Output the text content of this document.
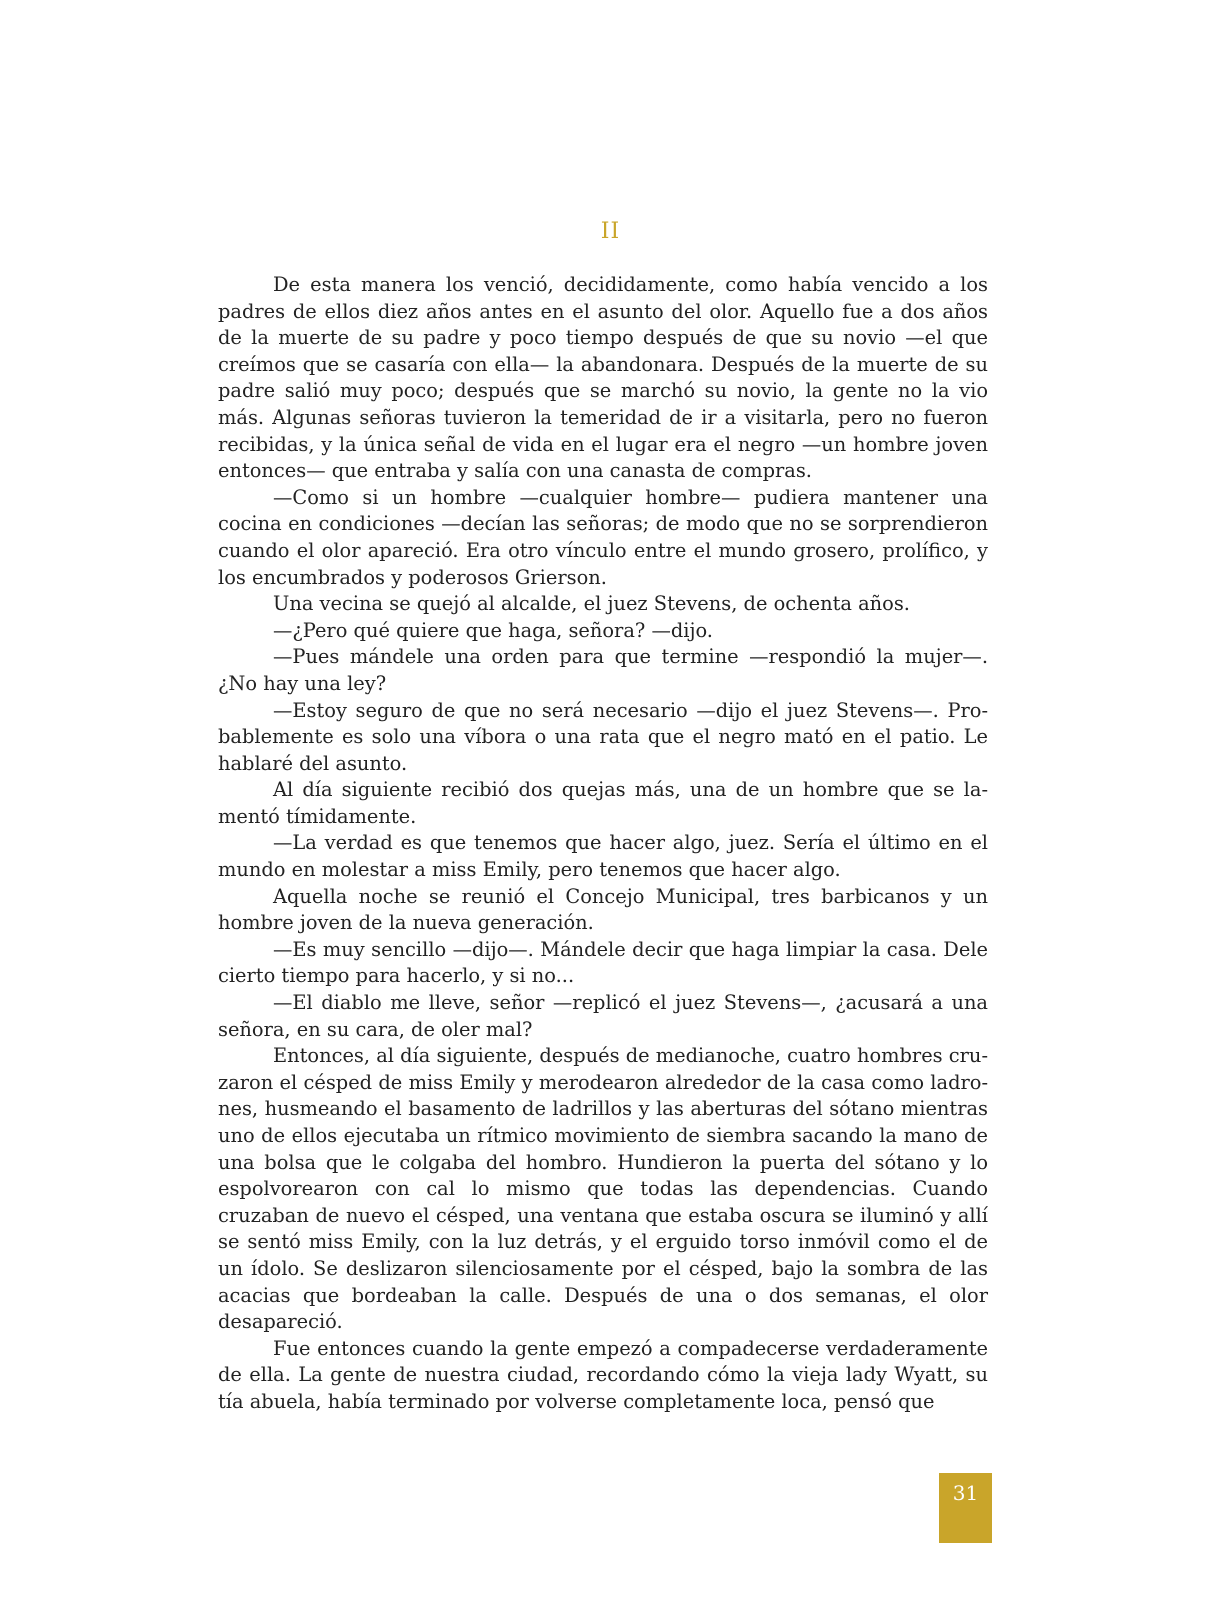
II

De esta manera los venció, decididamente, como había vencido a los padres de ellos diez años antes en el asunto del olor. Aquello fue a dos años de la muerte de su padre y poco tiempo después de que su novio —el que creímos que se casaría con ella— la abandonara. Después de la muerte de su padre salió muy poco; después que se marchó su novio, la gente no la vio más. Algunas señoras tuvieron la temeridad de ir a visitarla, pero no fueron recibidas, y la única señal de vida en el lugar era el negro —un hombre joven entonces— que entraba y salía con una canasta de compras.

—Como si un hombre —cualquier hombre— pudiera mantener una cocina en condiciones —decían las señoras; de modo que no se sorprendieron cuando el olor apareció. Era otro vínculo entre el mundo grosero, prolífico, y los encumbrados y poderosos Grierson.

Una vecina se quejó al alcalde, el juez Stevens, de ochenta años.

—¿Pero qué quiere que haga, señora? —dijo.

—Pues mándele una orden para que termine —respondió la mujer—. ¿No hay una ley?

—Estoy seguro de que no será necesario —dijo el juez Stevens—. Probablemente es solo una víbora o una rata que el negro mató en el patio. Le hablaré del asunto.

Al día siguiente recibió dos quejas más, una de un hombre que se lamentó tímidamente.

—La verdad es que tenemos que hacer algo, juez. Sería el último en el mundo en molestar a miss Emily, pero tenemos que hacer algo.

Aquella noche se reunió el Concejo Municipal, tres barbicanos y un hombre joven de la nueva generación.

—Es muy sencillo —dijo—. Mándele decir que haga limpiar la casa. Dele cierto tiempo para hacerlo, y si no...

—El diablo me lleve, señor —replicó el juez Stevens—, ¿acusará a una señora, en su cara, de oler mal?

Entonces, al día siguiente, después de medianoche, cuatro hombres cruzaron el césped de miss Emily y merodearon alrededor de la casa como ladrones, husmeando el basamento de ladrillos y las aberturas del sótano mientras uno de ellos ejecutaba un rítmico movimiento de siembra sacando la mano de una bolsa que le colgaba del hombro. Hundieron la puerta del sótano y lo espolvorearon con cal lo mismo que todas las dependencias. Cuando cruzaban de nuevo el césped, una ventana que estaba oscura se iluminó y allí se sentó miss Emily, con la luz detrás, y el erguido torso inmóvil como el de un ídolo. Se deslizaron silenciosamente por el césped, bajo la sombra de las acacias que bordeaban la calle. Después de una o dos semanas, el olor desapareció.

Fue entonces cuando la gente empezó a compadecerse verdaderamente de ella. La gente de nuestra ciudad, recordando cómo la vieja lady Wyatt, su tía abuela, había terminado por volverse completamente loca, pensó que

31
